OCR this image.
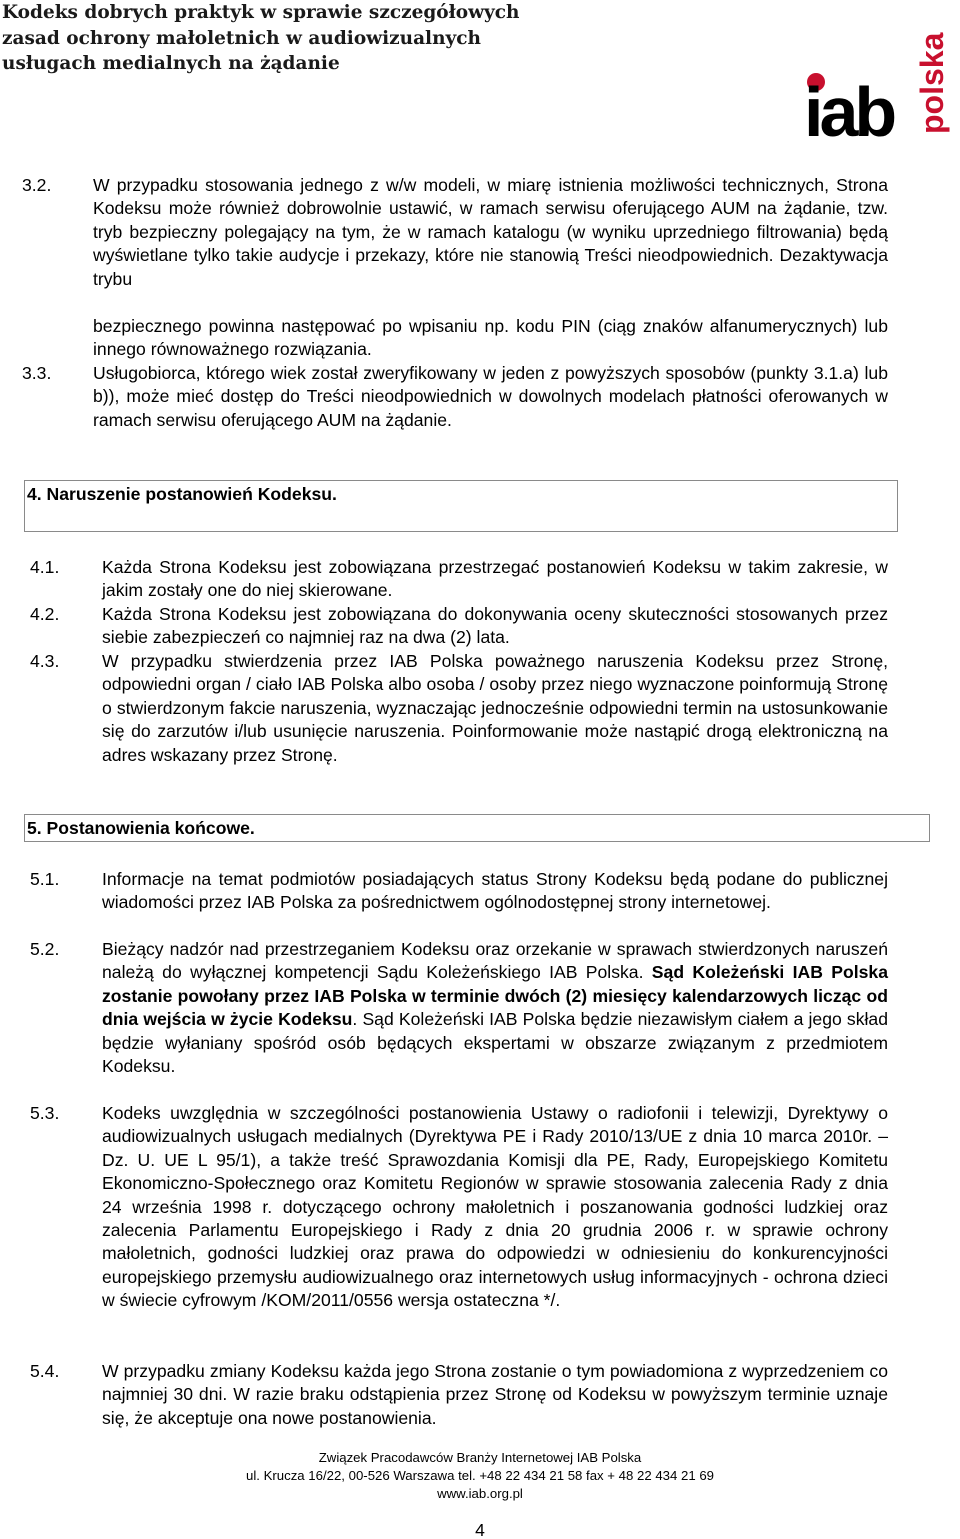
Kodeks dobrych praktyk w sprawie szczegółowych
zasad ochrony małoletnich w audiowizualnych
usługach medialnych na żądanie	polska
iab
3.2. W przypadku stosowania jednego z w/w modeli, w miarę istnienia możliwości technicznych, Strona Kodeksu może również dobrowolnie ustawić, w ramach serwisu oferującego AUM na żądanie, tzw. tryb bezpieczny polegający na tym, że w ramach katalogu (w wyniku uprzedniego filtrowania) będą wyświetlane tylko takie audycje i przekazy, które nie stanowią Treści nieodpowiednich. Dezaktywacja trybu
bezpiecznego powinna następować po wpisaniu np. kodu PIN (ciąg znaków alfanumerycznych) lub innego równoważnego rozwiązania.
3.3. Usługobiorca, którego wiek został zweryfikowany w jeden z powyższych sposobów (punkty 3.1.a) lub b)), może mieć dostęp do Treści nieodpowiednich w dowolnych modelach płatności oferowanych w ramach serwisu oferującego AUM na żądanie.
4. Naruszenie postanowień Kodeksu.
4.1. Każda Strona Kodeksu jest zobowiązana przestrzegać postanowień Kodeksu w takim zakresie, w jakim zostały one do niej skierowane.
4.2. Każda Strona Kodeksu jest zobowiązana do dokonywania oceny skuteczności stosowanych przez siebie zabezpieczeń co najmniej raz na dwa (2) lata.
4.3. W przypadku stwierdzenia przez IAB Polska poważnego naruszenia Kodeksu przez Stronę, odpowiedni organ / ciało IAB Polska albo osoba / osoby przez niego wyznaczone poinformują Stronę o stwierdzonym fakcie naruszenia, wyznaczając jednocześnie odpowiedni termin na ustosunkowanie się do zarzutów i/lub usunięcie naruszenia. Poinformowanie może nastąpić drogą elektroniczną na adres wskazany przez Stronę.
5. Postanowienia końcowe.
5.1. Informacje na temat podmiotów posiadających status Strony Kodeksu będą podane do publicznej wiadomości przez IAB Polska za pośrednictwem ogólnodostępnej strony internetowej.
5.2. Bieżący nadzór nad przestrzeganiem Kodeksu oraz orzekanie w sprawach stwierdzonych naruszeń należą do wyłącznej kompetencji Sądu Koleżeńskiego IAB Polska. Sąd Koleżeński IAB Polska zostanie powołany przez IAB Polska w terminie dwóch (2) miesięcy kalendarzowych licząc od dnia wejścia w życie Kodeksu. Sąd Koleżeński IAB Polska będzie niezawisłym ciałem a jego skład będzie wyłaniany spośród osób będących ekspertami w obszarze związanym z przedmiotem Kodeksu.
5.3. Kodeks uwzględnia w szczególności postanowienia Ustawy o radiofonii i telewizji, Dyrektywy o audiowizualnych usługach medialnych (Dyrektywa PE i Rady 2010/13/UE z dnia 10 marca 2010r. – Dz. U. UE L 95/1), a także treść Sprawozdania Komisji dla PE, Rady, Europejskiego Komitetu Ekonomiczno-Społecznego oraz Komitetu Regionów w sprawie stosowania zalecenia Rady z dnia 24 września 1998 r. dotyczącego ochrony małoletnich i poszanowania godności ludzkiej oraz zalecenia Parlamentu Europejskiego i Rady z dnia 20 grudnia 2006 r. w sprawie ochrony małoletnich, godności ludzkiej oraz prawa do odpowiedzi w odniesieniu do konkurencyjności europejskiego przemysłu audiowizualnego oraz internetowych usług informacyjnych - ochrona dzieci w świecie cyfrowym /KOM/2011/0556 wersja ostateczna */.
5.4. W przypadku zmiany Kodeksu każda jego Strona zostanie o tym powiadomiona z wyprzedzeniem co najmniej 30 dni. W razie braku odstąpienia przez Stronę od Kodeksu w powyższym terminie uznaje się, że akceptuje ona nowe postanowienia.
Związek Pracodawców Branży Internetowej IAB Polska
ul. Krucza 16/22, 00-526 Warszawa tel. +48 22 434 21 58 fax + 48 22 434 21 69
www.iab.org.pl
4
